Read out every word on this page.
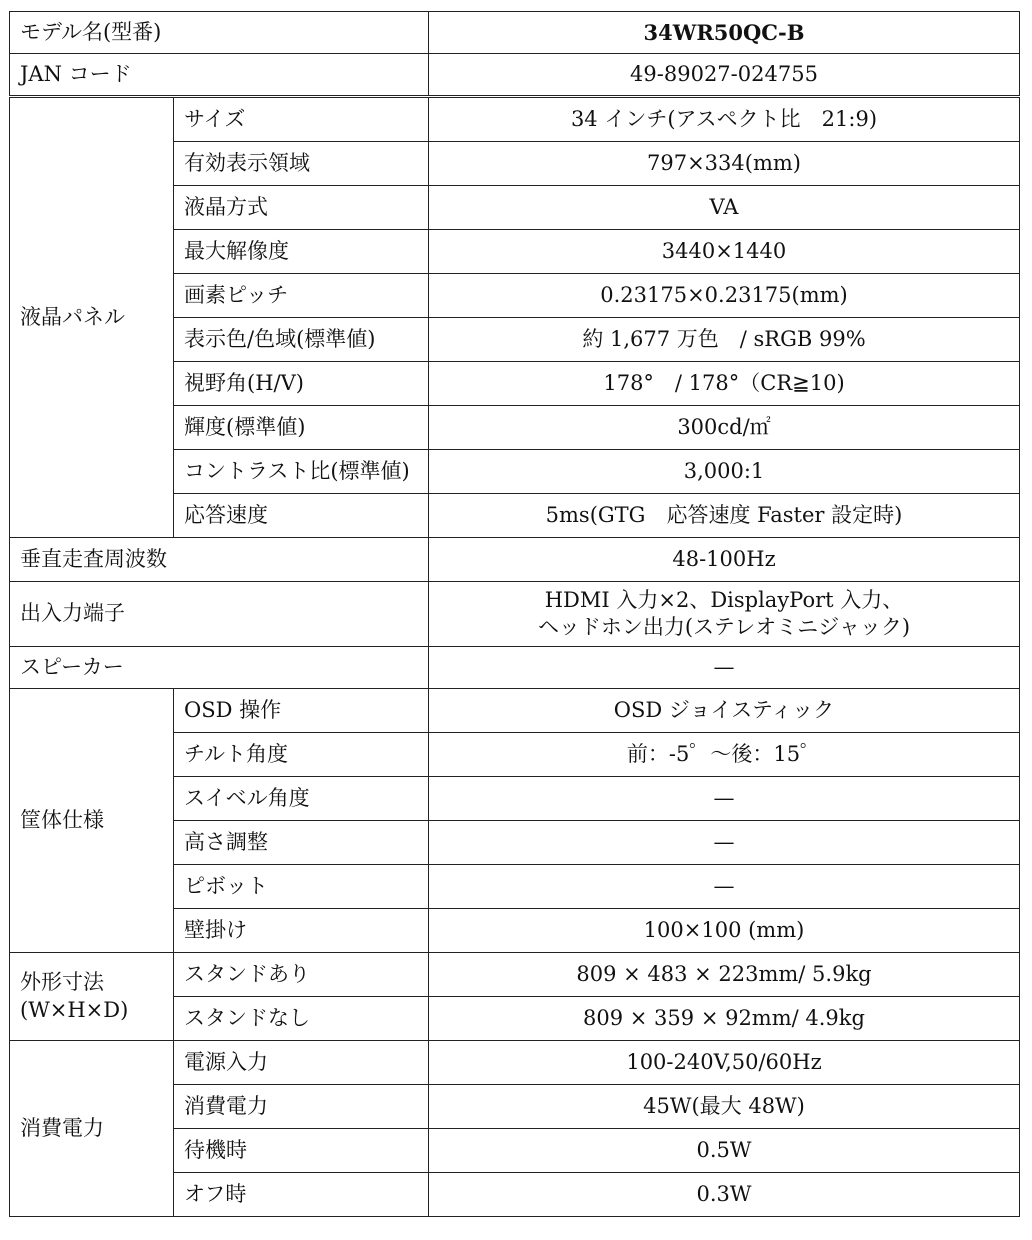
モデル名(型番)		34WR50QC-B
JAN コード		49-89027-024755
液晶パネル	サイズ	34 インチ(アスペクト比　21:9)
	有効表示領域	797×334(mm)
	液晶方式	VA
	最大解像度	3440×1440
	画素ピッチ	0.23175×0.23175(mm)
	表示色/色域(標準値)	約 1,677 万色　/ sRGB 99%
	視野角(H/V)	178°　/ 178°（CR≧10)
	輝度(標準値)	300cd/㎡
	コントラスト比(標準値)	3,000:1
	応答速度	5ms(GTG　応答速度 Faster 設定時)
垂直走査周波数		48-100Hz
出入力端子		HDMI 入力×2、DisplayPort 入力、
ヘッドホン出力(ステレオミニジャック)

スピーカー		—
筐体仕様	OSD 操作	OSD ジョイスティック
	チルト角度	前：-5゜〜後：15゜
	スイベル角度	—
	高さ調整	—
	ピボット	—
	壁掛け	100×100 (mm)

外形寸法
(W×H×D)	スタンドあり	809 × 483 × 223mm/ 5.9kg
	スタンドなし	809 × 359 × 92mm/ 4.9kg
消費電力	電源入力	100-240V,50/60Hz
	消費電力	45W(最大 48W)
	待機時	0.5W
	オフ時	0.3W
